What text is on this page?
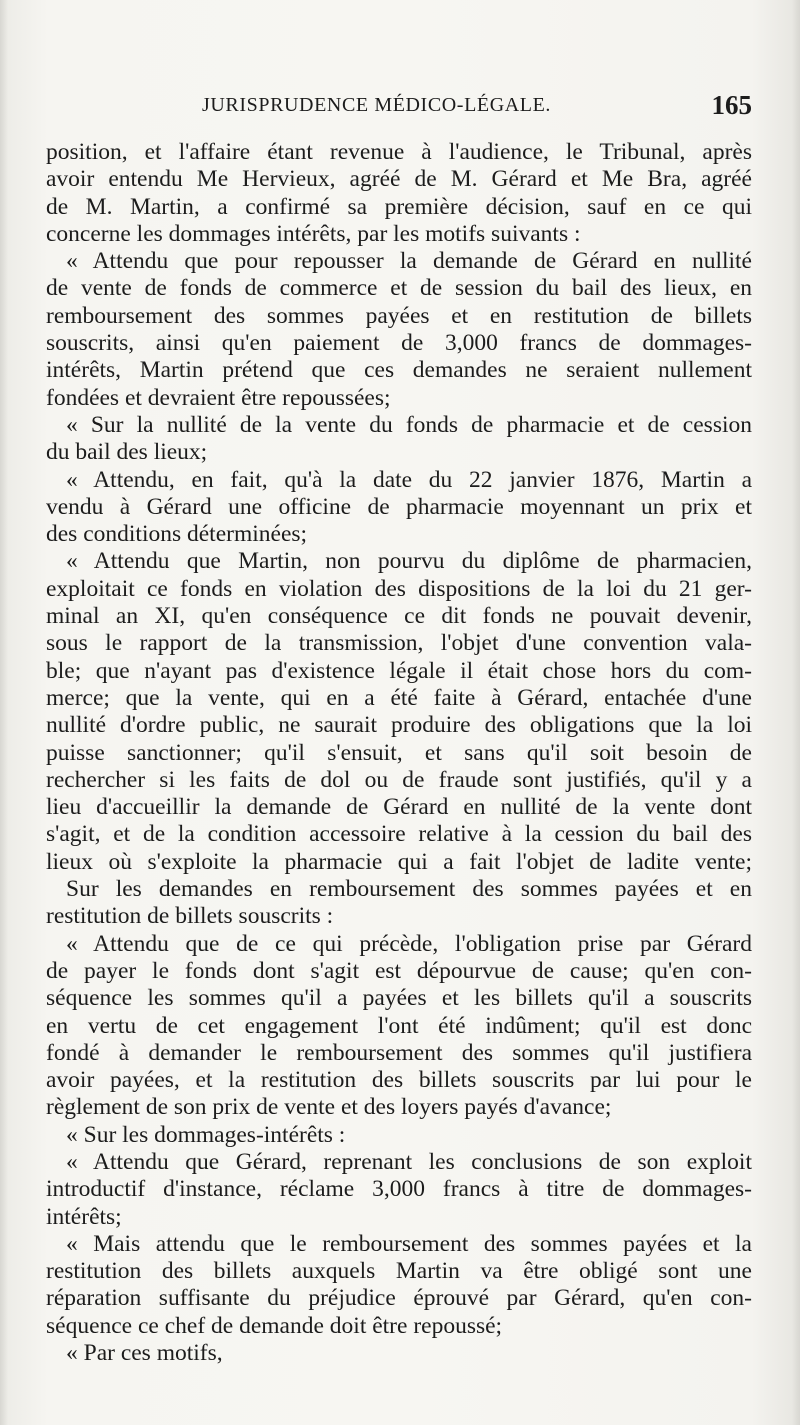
JURISPRUDENCE MÉDICO-LÉGALE.	165
position, et l'affaire étant revenue à l'audience, le Tribunal, après
avoir entendu Me Hervieux, agréé de M. Gérard et Me Bra, agréé
de M. Martin, a confirmé sa première décision, sauf en ce qui
concerne les dommages intérêts, par les motifs suivants :
« Attendu que pour repousser la demande de Gérard en nullité
de vente de fonds de commerce et de session du bail des lieux, en
remboursement des sommes payées et en restitution de billets
souscrits, ainsi qu'en paiement de 3,000 francs de dommages-
intérêts, Martin prétend que ces demandes ne seraient nullement
fondées et devraient être repoussées;
« Sur la nullité de la vente du fonds de pharmacie et de cession
du bail des lieux;
« Attendu, en fait, qu'à la date du 22 janvier 1876, Martin a
vendu à Gérard une officine de pharmacie moyennant un prix et
des conditions déterminées;
« Attendu que Martin, non pourvu du diplôme de pharmacien,
exploitait ce fonds en violation des dispositions de la loi du 21 ger-
minal an XI, qu'en conséquence ce dit fonds ne pouvait devenir,
sous le rapport de la transmission, l'objet d'une convention vala-
ble; que n'ayant pas d'existence légale il était chose hors du com-
merce; que la vente, qui en a été faite à Gérard, entachée d'une
nullité d'ordre public, ne saurait produire des obligations que la loi
puisse sanctionner; qu'il s'ensuit, et sans qu'il soit besoin de
rechercher si les faits de dol ou de fraude sont justifiés, qu'il y a
lieu d'accueillir la demande de Gérard en nullité de la vente dont
s'agit, et de la condition accessoire relative à la cession du bail des
lieux où s'exploite la pharmacie qui a fait l'objet de ladite vente;
Sur les demandes en remboursement des sommes payées et en
restitution de billets souscrits :
« Attendu que de ce qui précède, l'obligation prise par Gérard
de payer le fonds dont s'agit est dépourvue de cause; qu'en con-
séquence les sommes qu'il a payées et les billets qu'il a souscrits
en vertu de cet engagement l'ont été indûment; qu'il est donc
fondé à demander le remboursement des sommes qu'il justifiera
avoir payées, et la restitution des billets souscrits par lui pour le
règlement de son prix de vente et des loyers payés d'avance;
« Sur les dommages-intérêts :
« Attendu que Gérard, reprenant les conclusions de son exploit
introductif d'instance, réclame 3,000 francs à titre de dommages-
intérêts;
« Mais attendu que le remboursement des sommes payées et la
restitution des billets auxquels Martin va être obligé sont une
réparation suffisante du préjudice éprouvé par Gérard, qu'en con-
séquence ce chef de demande doit être repoussé;
« Par ces motifs,
